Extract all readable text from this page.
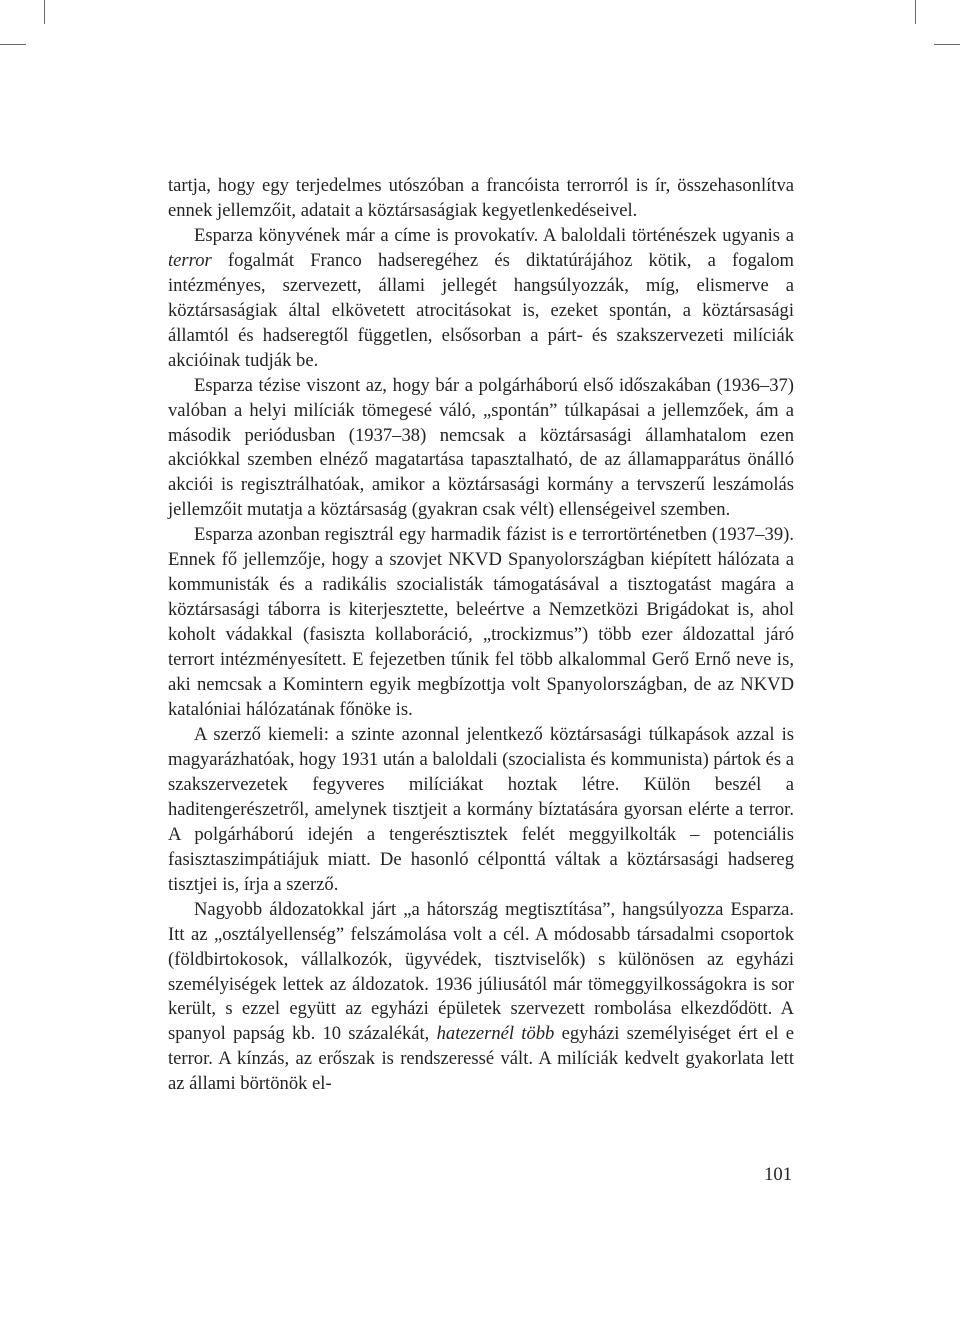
tartja, hogy egy terjedelmes utószóban a francóista terrorról is ír, összehasonlítva ennek jellemzőit, adatait a köztársaságiak kegyetlenkedéseivel.

Esparza könyvének már a címe is provokatív. A baloldali történészek ugyanis a terror fogalmát Franco hadseregéhez és diktatúrájához kötik, a fogalom intézményes, szervezett, állami jellegét hangsúlyozzák, míg, elismerve a köztársaságiak által elkövetett atrocitásokat is, ezeket spontán, a köztársasági államtól és hadseregtől független, elsősorban a párt- és szakszervezeti milíciák akcióinak tudják be.

Esparza tézise viszont az, hogy bár a polgárháború első időszakában (1936–37) valóban a helyi milíciák tömegesé váló, „spontán” túlkapásai a jellemzőek, ám a második periódusban (1937–38) nemcsak a köztársasági államhatalom ezen akciókkal szemben elnéző magatartása tapasztalható, de az államapparátus önálló akciói is regisztrálhatóak, amikor a köztársasági kormány a tervszerű leszámolás jellemzőit mutatja a köztársaság (gyakran csak vélt) ellenségeivel szemben.

Esparza azonban regisztrál egy harmadik fázist is e terrortörténetben (1937–39). Ennek fő jellemzője, hogy a szovjet NKVD Spanyolországban kiépített hálózata a kommunisták és a radikális szocialisták támogatásával a tisztogatást magára a köztársasági táborra is kiterjesztette, beleértve a Nemzetközi Brigádokat is, ahol koholt vádakkal (fasiszta kollaboráció, „trockizmus”) több ezer áldozattal járó terrort intézményesített. E fejezetben tűnik fel több alkalommal Gerő Ernő neve is, aki nemcsak a Komintern egyik megbízottja volt Spanyolországban, de az NKVD katalóniai hálózatának főnöke is.

A szerző kiemeli: a szinte azonnal jelentkező köztársasági túlkapások azzal is magyarázhatóak, hogy 1931 után a baloldali (szocialista és kommunista) pártok és a szakszervezetek fegyveres milíciákat hoztak létre. Külön beszél a haditengerészetről, amelynek tisztjeit a kormány bíztatására gyorsan elérte a terror. A polgárháború idején a tengerésztisztek felét meggyilkolták – potenciális fasisztaszimpátiájuk miatt. De hasonló célponttá váltak a köztársasági hadsereg tisztjei is, írja a szerző.

Nagyobb áldozatokkal járt „a hátország megtisztítása”, hangsúlyozza Esparza. Itt az „osztályellenség” felszámolása volt a cél. A módosabb társadalmi csoportok (földbirtokosok, vállalkozók, ügyvédek, tisztviselők) s különösen az egyházi személyiségek lettek az áldozatok. 1936 júliusától már tömeggyilkosságokra is sor került, s ezzel együtt az egyházi épületek szervezett rombolása elkezdődött. A spanyol papság kb. 10 százalékát, hatezernél több egyházi személyiséget ért el e terror. A kínzás, az erőszak is rendszeressé vált. A milíciák kedvelt gyakorlata lett az állami börtönök el-

101
